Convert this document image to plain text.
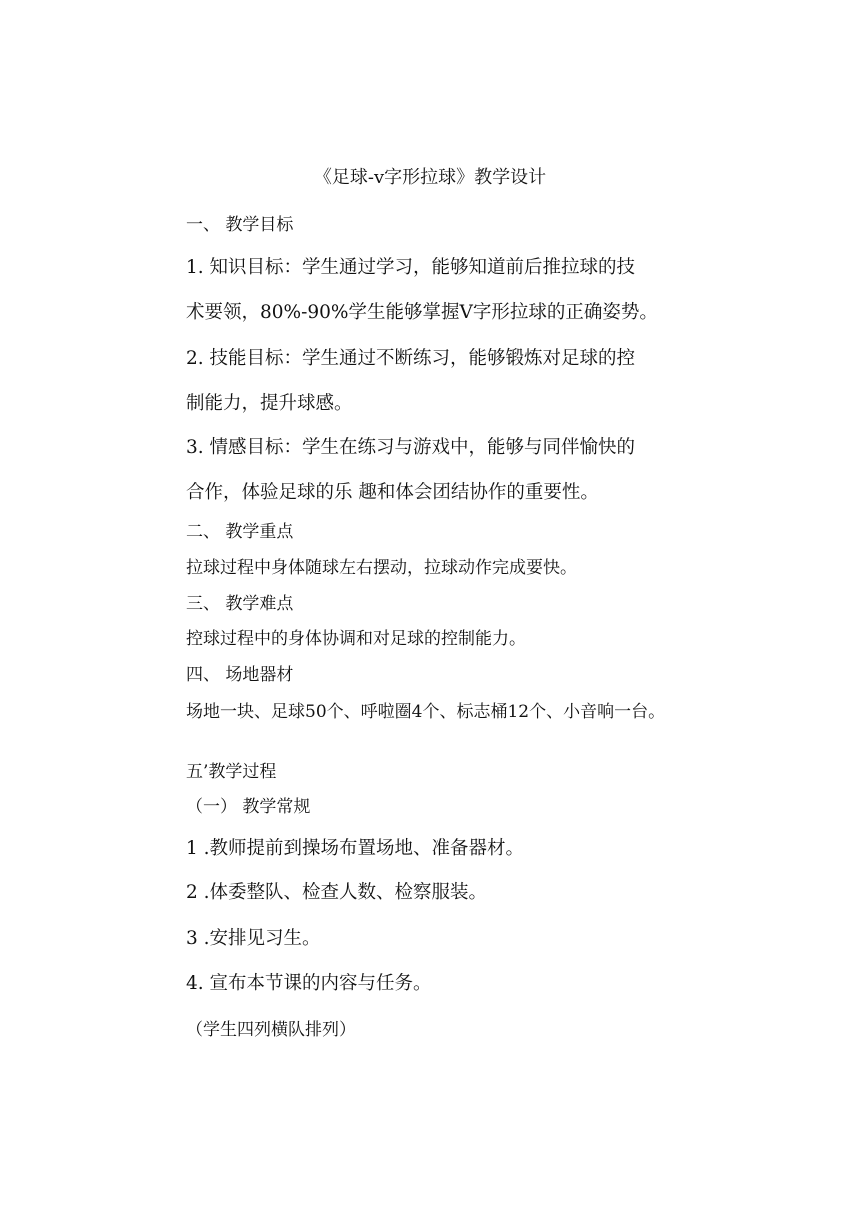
《足球-v字形拉球》教学设计
一、 教学目标
1. 知识目标：学生通过学习，能够知道前后推拉球的技
术要领，80%-90%学生能够掌握V字形拉球的正确姿势。
2. 技能目标：学生通过不断练习，能够锻炼对足球的控
制能力，提升球感。
3. 情感目标：学生在练习与游戏中，能够与同伴愉快的
合作，体验足球的乐 趣和体会团结协作的重要性。
二、 教学重点
拉球过程中身体随球左右摆动，拉球动作完成要快。
三、 教学难点
控球过程中的身体协调和对足球的控制能力。
四、 场地器材
场地一块、足球50个、呼啦圈4个、标志桶12个、小音响一台。
五’教学过程
（一） 教学常规
1 .教师提前到操场布置场地、准备器材。
2 .体委整队、检查人数、检察服装。
3 .安排见习生。
4. 宣布本节课的内容与任务。
（学生四列横队排列）
